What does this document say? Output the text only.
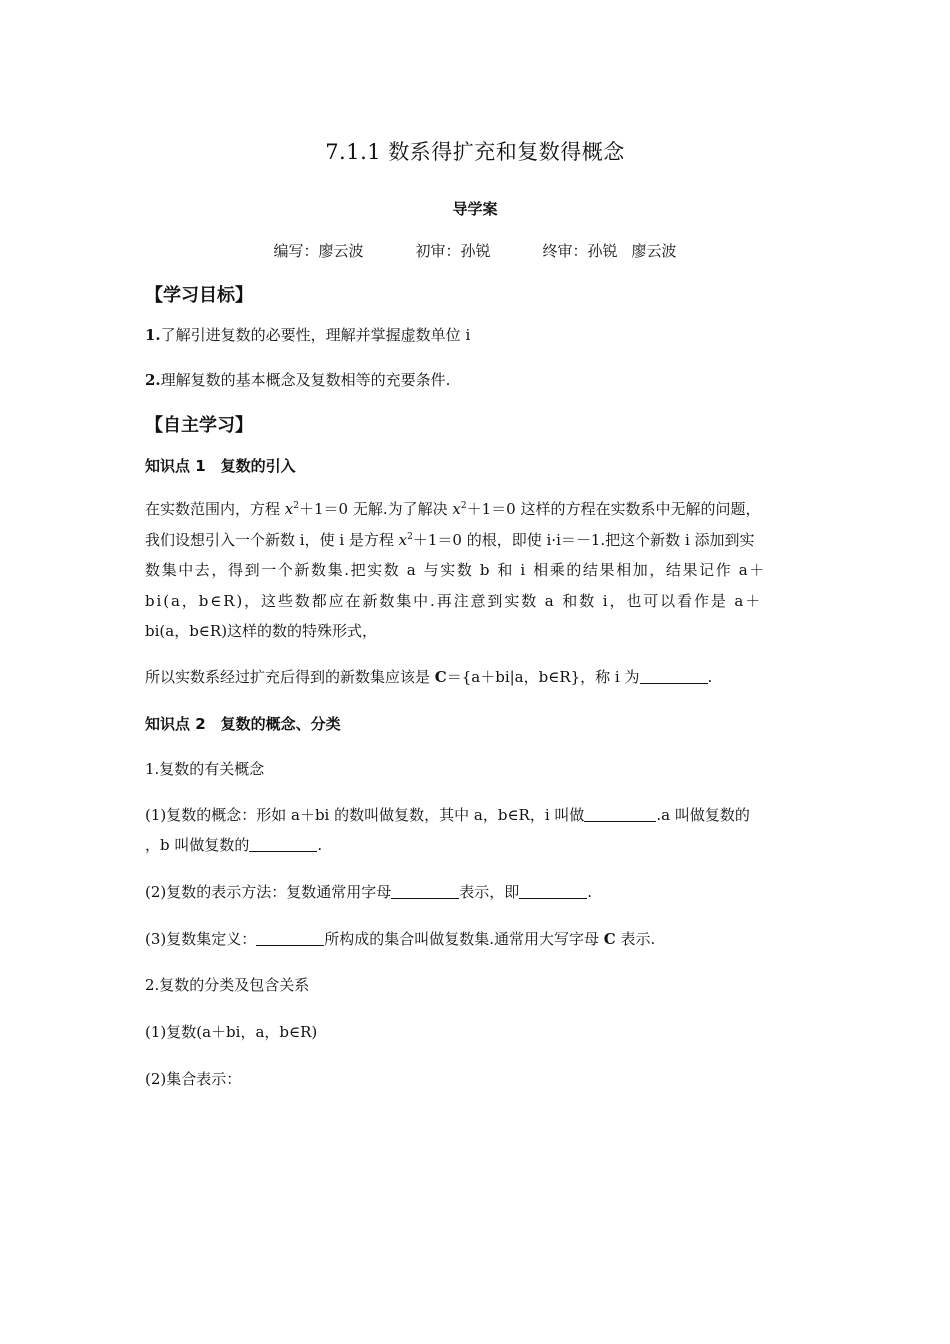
7.1.1 数系得扩充和复数得概念
导学案
编写：廖云波	初审：孙锐	终审：孙锐 廖云波
【学习目标】
1.了解引进复数的必要性，理解并掌握虚数单位 i
2.理解复数的基本概念及复数相等的充要条件.
【自主学习】
知识点 1　复数的引入
在实数范围内，方程 $x^2+1=0$ 无解.为了解决 $x^2+1=0$ 这样的方程在实数系中无解的问题，
我们设想引入一个新数 i，使 i 是方程 $x^2+1=0$ 的根，即使 i·i＝－1.把这个新数 i 添加到实
数集中去，得到一个新数集.把实数 a 与实数 b 和 i 相乘的结果相加，结果记作 a＋
bi(a，b∈R)，这些数都应在新数集中.再注意到实数 a 和数 i，也可以看作是 a＋
bi(a，b∈R)这样的数的特殊形式，
所以实数系经过扩充后得到的新数集应该是 C＝{a＋bi|a，b∈R}，称 i 为	.
知识点 2　复数的概念、分类
1.复数的有关概念
(1)复数的概念：形如 a＋bi 的数叫做复数，其中 a，b∈R，i 叫做	.a 叫做复数的
，b 叫做复数的	.
(2)复数的表示方法：复数通常用字母	表示，即	.
(3)复数集定义：	所构成的集合叫做复数集.通常用大写字母 C 表示.
2.复数的分类及包含关系
(1)复数(a＋bi，a，b∈R)
(2)集合表示：
